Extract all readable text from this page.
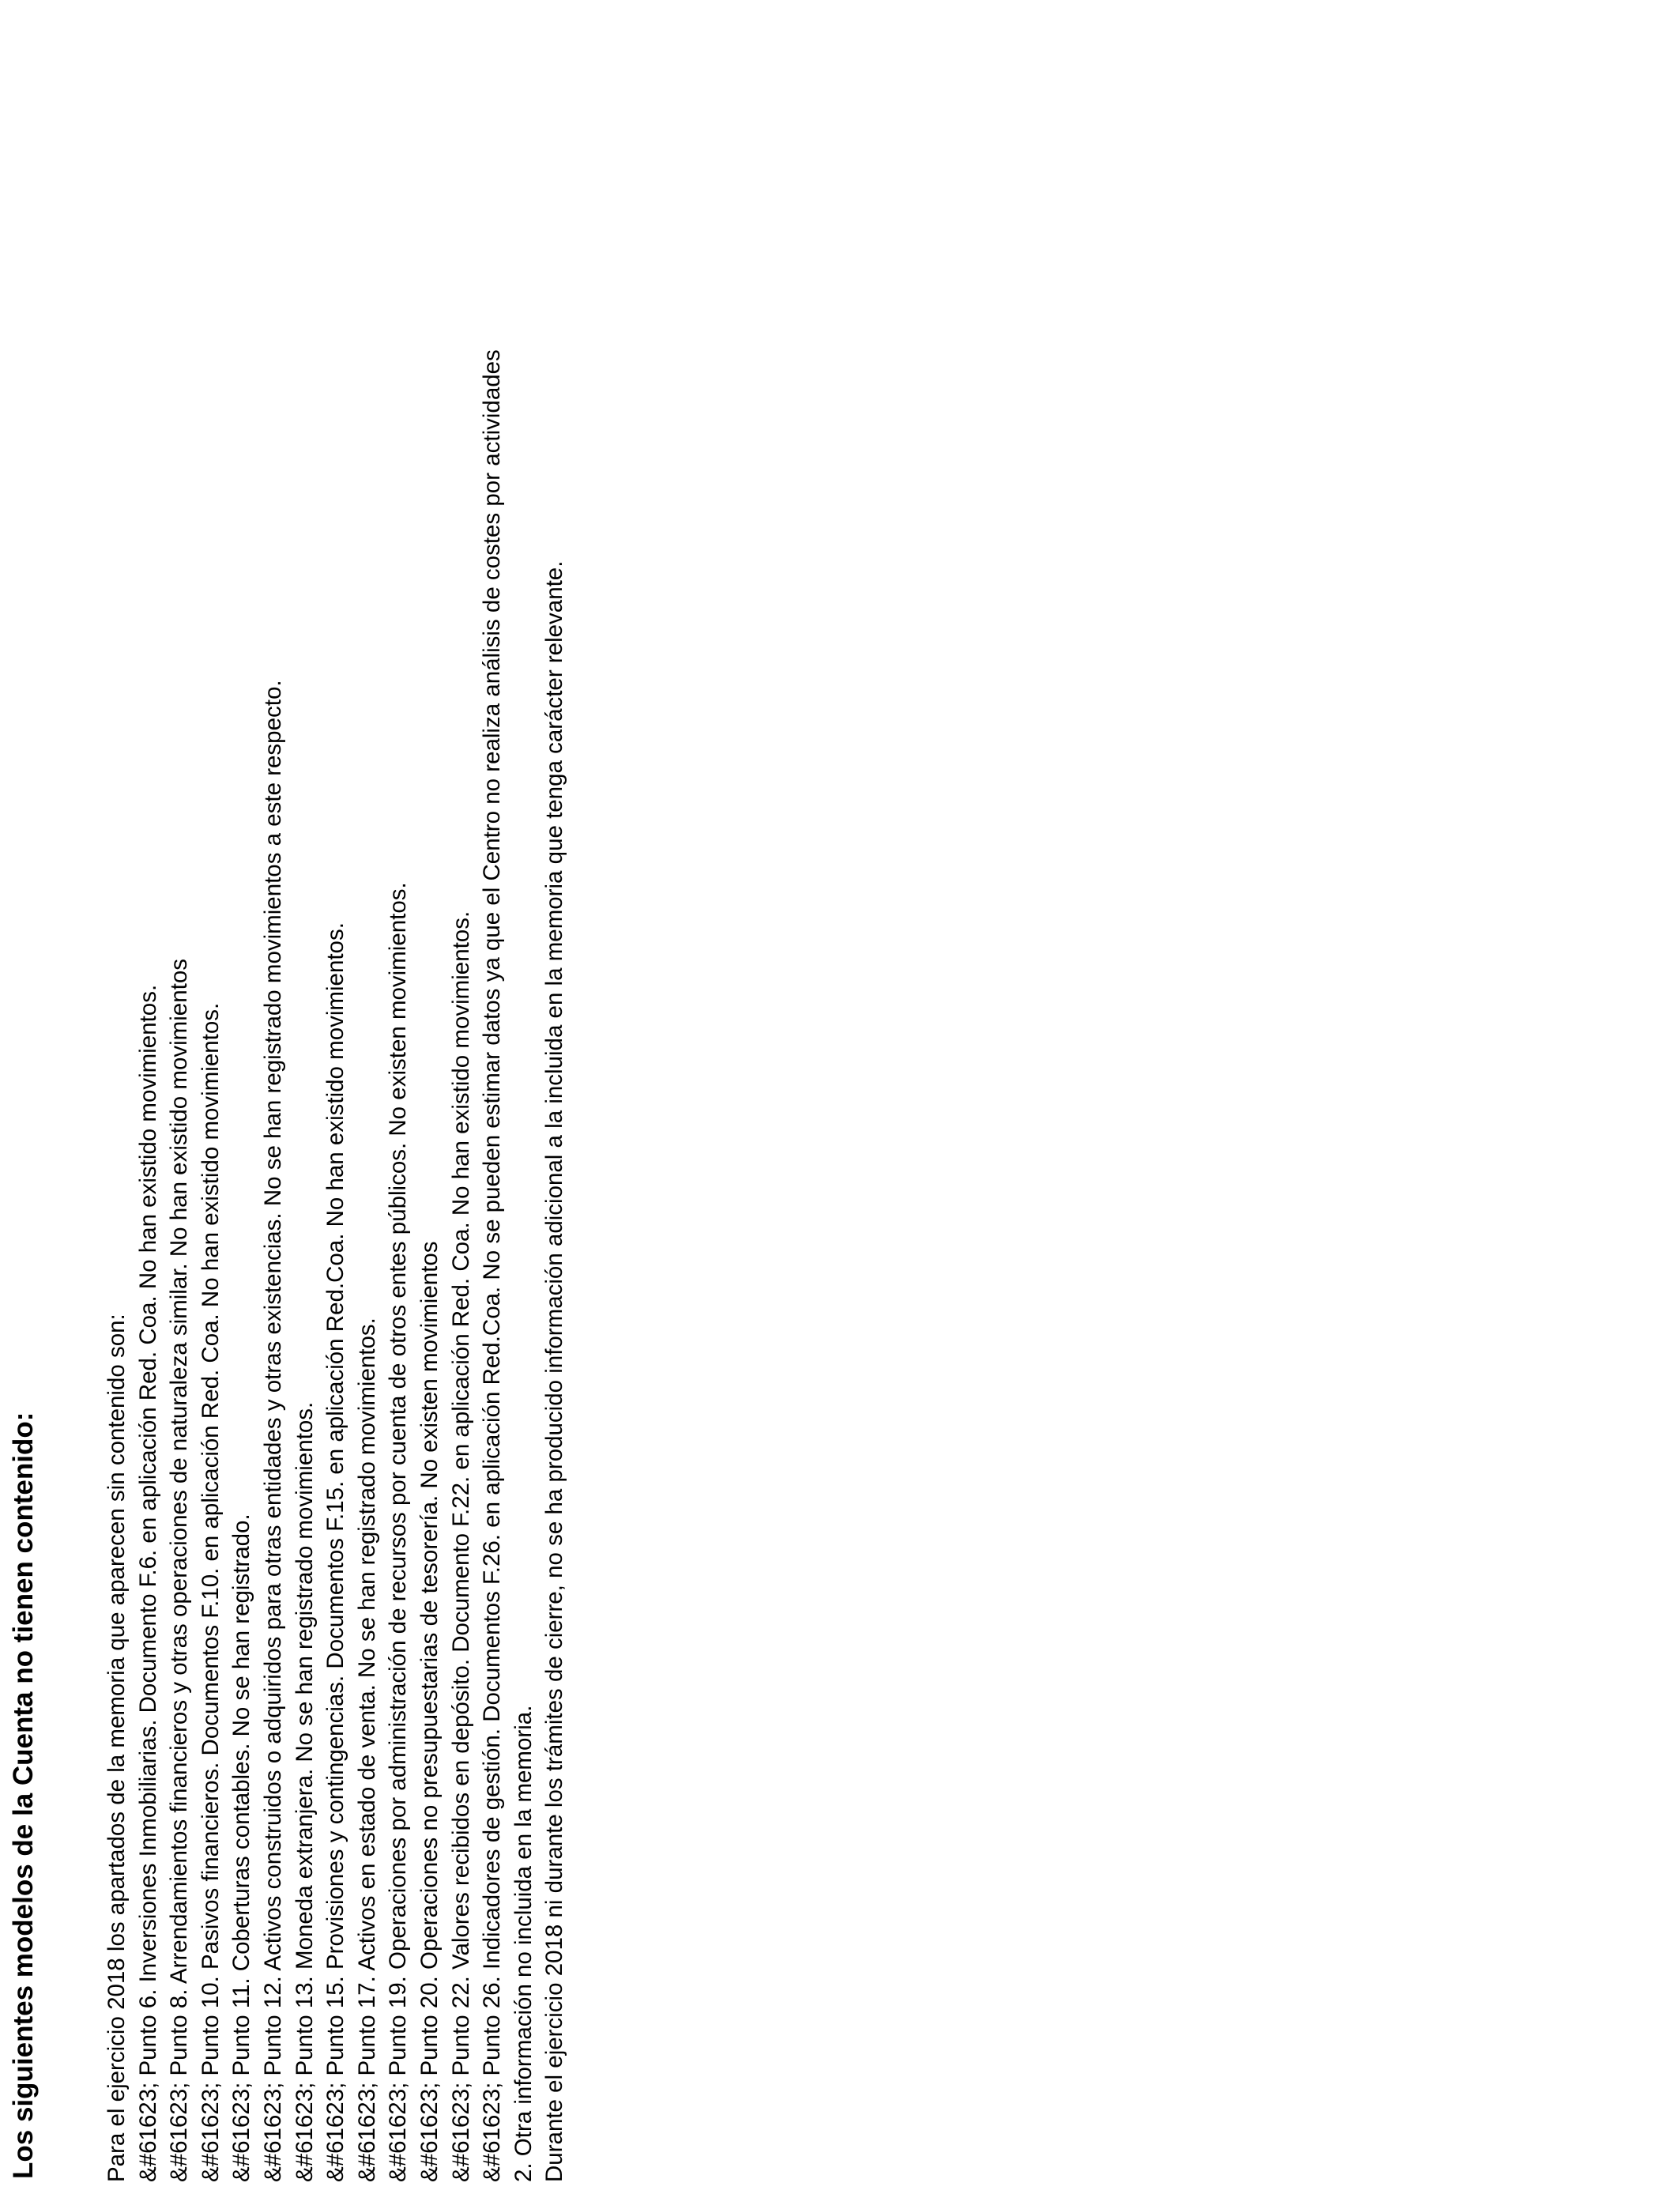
Los siguientes modelos de la Cuenta no tienen contenido:	Para el ejercicio 2018 los apartados de la memoria que aparecen sin contenido son: &#61623; Punto 6. Inversiones Inmobiliarias. Documento F.6. en aplicación Red. Coa. No han existido movimientos. &#61623; Punto 8. Arrendamientos financieros y otras operaciones de naturaleza similar. No han existido movimientos &#61623; Punto 10. Pasivos financieros. Documentos F.10. en aplicación Red. Coa. No han existido movimientos. &#61623; Punto 11. Coberturas contables. No se han registrado. &#61623; Punto 12. Activos construidos o adquiridos para otras entidades y otras existencias. No se han registrado movimientos a este respecto. &#61623; Punto 13. Moneda extranjera. No se han registrado movimientos. &#61623; Punto 15. Provisiones y contingencias. Documentos F.15. en aplicación Red.Coa. No han existido movimientos. &#61623; Punto 17. Activos en estado de venta. No se han registrado movimientos. &#61623; Punto 19. Operaciones por administración de recursos por cuenta de otros entes públicos. No existen movimientos. &#61623; Punto 20. Operaciones no presupuestarias de tesorería. No existen movimientos &#61623; Punto 22. Valores recibidos en depósito. Documento F.22. en aplicación Red. Coa. No han existido movimientos. &#61623; Punto 26. Indicadores de gestión. Documentos F.26. en aplicación Red.Coa. No se pueden estimar datos ya que el Centro no realiza análisis de costes por actividades 2. Otra información no incluida en la memoria. Durante el ejercicio 2018 ni durante los trámites de cierre, no se ha producido información adicional a la incluida en la memoria que tenga carácter relevante.
